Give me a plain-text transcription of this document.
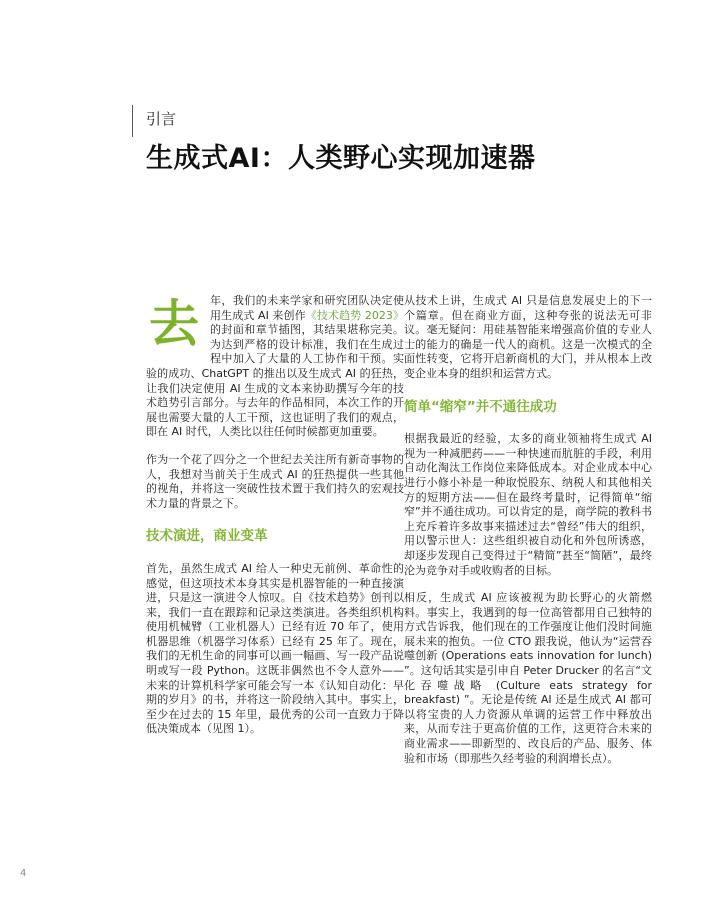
引言
生成式AI：人类野心实现加速器

去 年，我们的未来学家和研究团队决定使用生成式 AI 来创作《技术趋势 2023》的封面和章节插图，其结果堪称完美。为达到严格的设计标准，我们在生成过程中加入了大量的人工协作和干预。实验的成功、ChatGPT 的推出以及生成式 AI 的狂热，让我们决定使用 AI 生成的文本来协助撰写今年的技术趋势引言部分。与去年的作品相同，本次工作的开展也需要大量的人工干预，这也证明了我们的观点，即在 AI 时代，人类比以往任何时候都更加重要。

作为一个花了四分之一个世纪去关注所有新奇事物的人，我想对当前关于生成式 AI 的狂热提供一些其他的视角，并将这一突破性技术置于我们持久的宏观技术力量的背景之下。

技术演进，商业变革

首先，虽然生成式 AI 给人一种史无前例、革命性的感觉，但这项技术本身其实是机器智能的一种直接演进，只是这一演进令人惊叹。自《技术趋势》创刊以来，我们一直在跟踪和记录这类演进。各类组织机构使用机械臂（工业机器人）已经有近 70 年了，使用机器思维（机器学习体系）已经有 25 年了。现在，我们的无机生命的同事可以画一幅画、写一段产品说明或写一段 Python。这既非偶然也不令人意外——未来的计算机科学家可能会写一本《认知自动化：早期的岁月》的书，并将这一阶段纳入其中。事实上，至少在过去的 15 年里，最优秀的公司一直致力于降低决策成本（见图 1）。

从技术上讲，生成式 AI 只是信息发展史上的下一个篇章。但在商业方面，这种夸张的说法无可非议。毫无疑问：用硅基智能来增强高价值的专业人士的能力的确是一代人的商机。这是一次模式的全面性转变，它将开启新商机的大门，并从根本上改变企业本身的组织和运营方式。

简单“缩窄”并不通往成功

根据我最近的经验，太多的商业领袖将生成式 AI 视为一种减肥药——一种快速而肮脏的手段，利用自动化淘汰工作岗位来降低成本。对企业成本中心进行小修小补是一种取悦股东、纳税人和其他相关方的短期方法——但在最终考量时，记得简单“缩窄”并不通往成功。可以肯定的是，商学院的教科书上充斥着许多故事来描述过去“曾经”伟大的组织，用以警示世人：这些组织被自动化和外包所诱惑，却逐步发现自己变得过于“精简”甚至“简陋”，最终沦为竞争对手或收购者的目标。

相反，生成式 AI 应该被视为助长野心的火箭燃料。事实上，我遇到的每一位高管都用自己独特的方式告诉我，他们现在的工作强度让他们没时间施展未来的抱负。一位 CTO 跟我说，他认为“运营吞噬创新 (Operations eats innovation for lunch) ”。这句话其实是引申自 Peter Drucker 的名言“文化吞噬战略 (Culture eats strategy for breakfast) ”。无论是传统 AI 还是生成式 AI 都可以将宝贵的人力资源从单调的运营工作中释放出来，从而专注于更高价值的工作，这更符合未来的商业需求——即新型的、改良后的产品、服务、体验和市场（即那些久经考验的利润增长点）。

4
